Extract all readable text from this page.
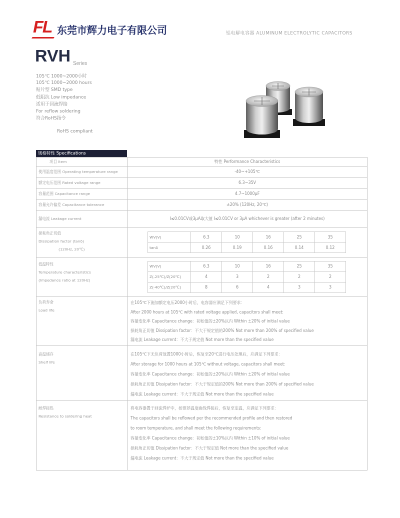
FL 东莞市辉力电子有限公司	铝电解电容器 ALUMINUM ELECTROLYTIC CAPACITORS
RVH Series
105℃ 1000~2000小时
105℃ 1000~2000 hours
贴片型 SMD type
低阻抗 Low impedance
适用于回流焊接
For reflow soldering
符合RoHS指令
RoHS compliant
规格特性 Specifications
项目 Item	特性 Performance Characteristics
使用温度范围 Operating temperature range	-40~+105℃
额定电压范围 Rated voltage range	6.3~35V
容量范围 Capacitance range	4.7~1000μF
容量允许偏差 Capacitance tolerance	±20% (120Hz, 20℃)
漏电流 Leakage current	I≤0.01CV或3μA取大值 I≤0.01CV or 3μA whichever is greater (after 2 minutes)

损耗角正切值
Dissipation factor (tanδ)
(120Hz, 20℃)

WV(V)	6.3	10	16	25	35
tanδ	0.26	0.19	0.16	0.14	0.12

低温特性
Temperature characteristics
(Impedance ratio at 120Hz)

WV(V)	6.3	10	16	25	35
Z(-25℃)/Z(20℃)	4	3	2	2	2
Z(-40℃)/Z(20℃)	8	6	4	3	3

负荷寿命
Load life

在105℃下施加额定电压2000小时后，电容器应满足下列要求：
After 2000 hours at 105℃ with rated voltage applied, capacitors shall meet:
容量变化率 Capacitance change：初始值的±20%以内 Within ±20% of initial value
损耗角正切值 Dissipation factor：不大于规定值的200% Not more than 200% of specified value
漏电流 Leakage current：不大于规定值 Not more than the specified value

高温储存
Shelf life

在105℃下无负荷放置1000小时后，恢复至20℃进行电压处理后，应满足下列要求：
After storage for 1000 hours at 105℃ without voltage, capacitors shall meet:
容量变化率 Capacitance change：初始值的±20%以内 Within ±20% of initial value
损耗角正切值 Dissipation factor：不大于规定值的200% Not more than 200% of specified value
漏电流 Leakage current：不大于规定值 Not more than the specified value

耐焊接热
Resistance to soldering heat

将电容器置于回流焊炉中，按推荐温度曲线焊接后，恢复至室温，应满足下列要求：
The capacitors shall be reflowed per the recommended profile and then restored
to room temperature, and shall meet the following requirements:
容量变化率 Capacitance change：初始值的±10%以内 Within ±10% of initial value
损耗角正切值 Dissipation factor：不大于规定值 Not more than the specified value
漏电流 Leakage current：不大于规定值 Not more than the specified value
